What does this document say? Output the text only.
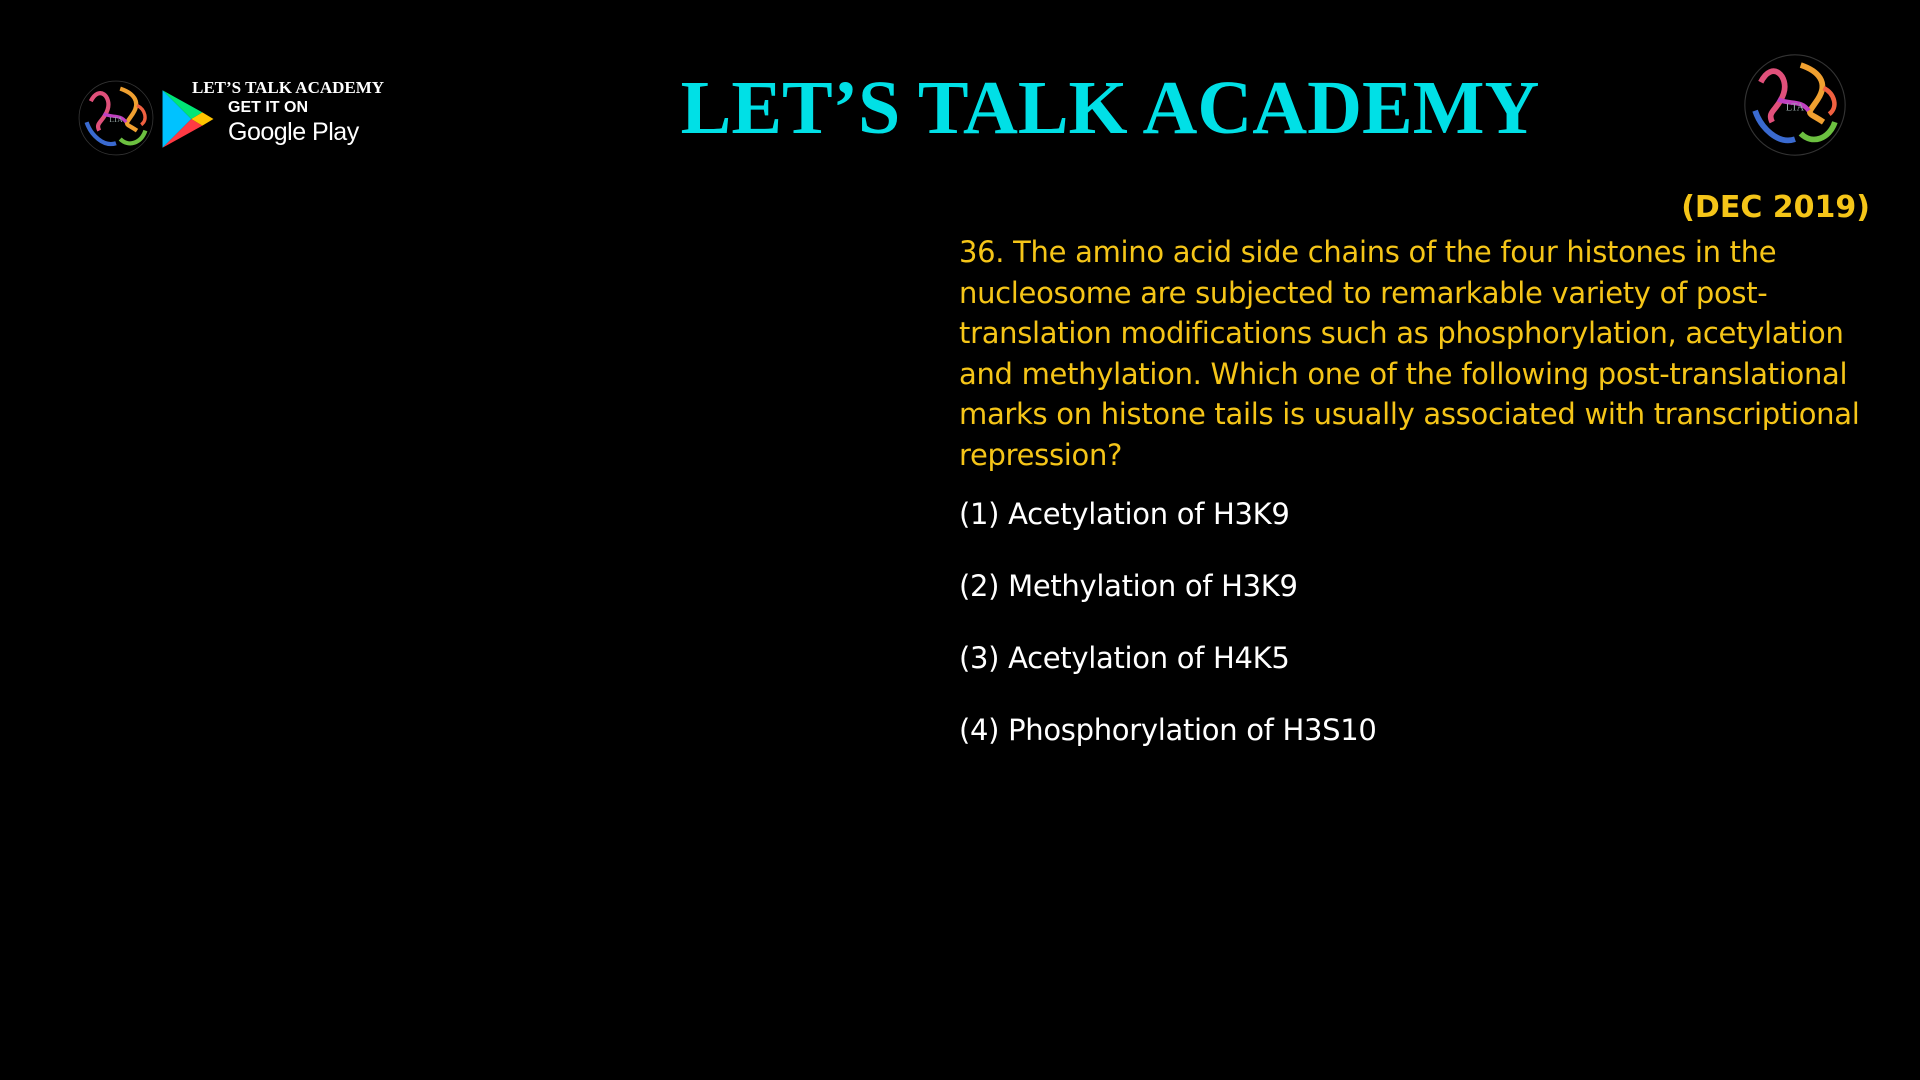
LTA
LET’S TALK ACADEMY
GET IT ON
Google Play	LET’S TALK ACADEMY	LTA
(DEC 2019)
36. The amino acid side chains of the four histones in the nucleosome are subjected to remarkable variety of post-translation modifications such as phosphorylation, acetylation and methylation. Which one of the following post-translational marks on histone tails is usually associated with transcriptional repression?
(1) Acetylation of H3K9
(2) Methylation of H3K9
(3) Acetylation of H4K5
(4) Phosphorylation of H3S10
